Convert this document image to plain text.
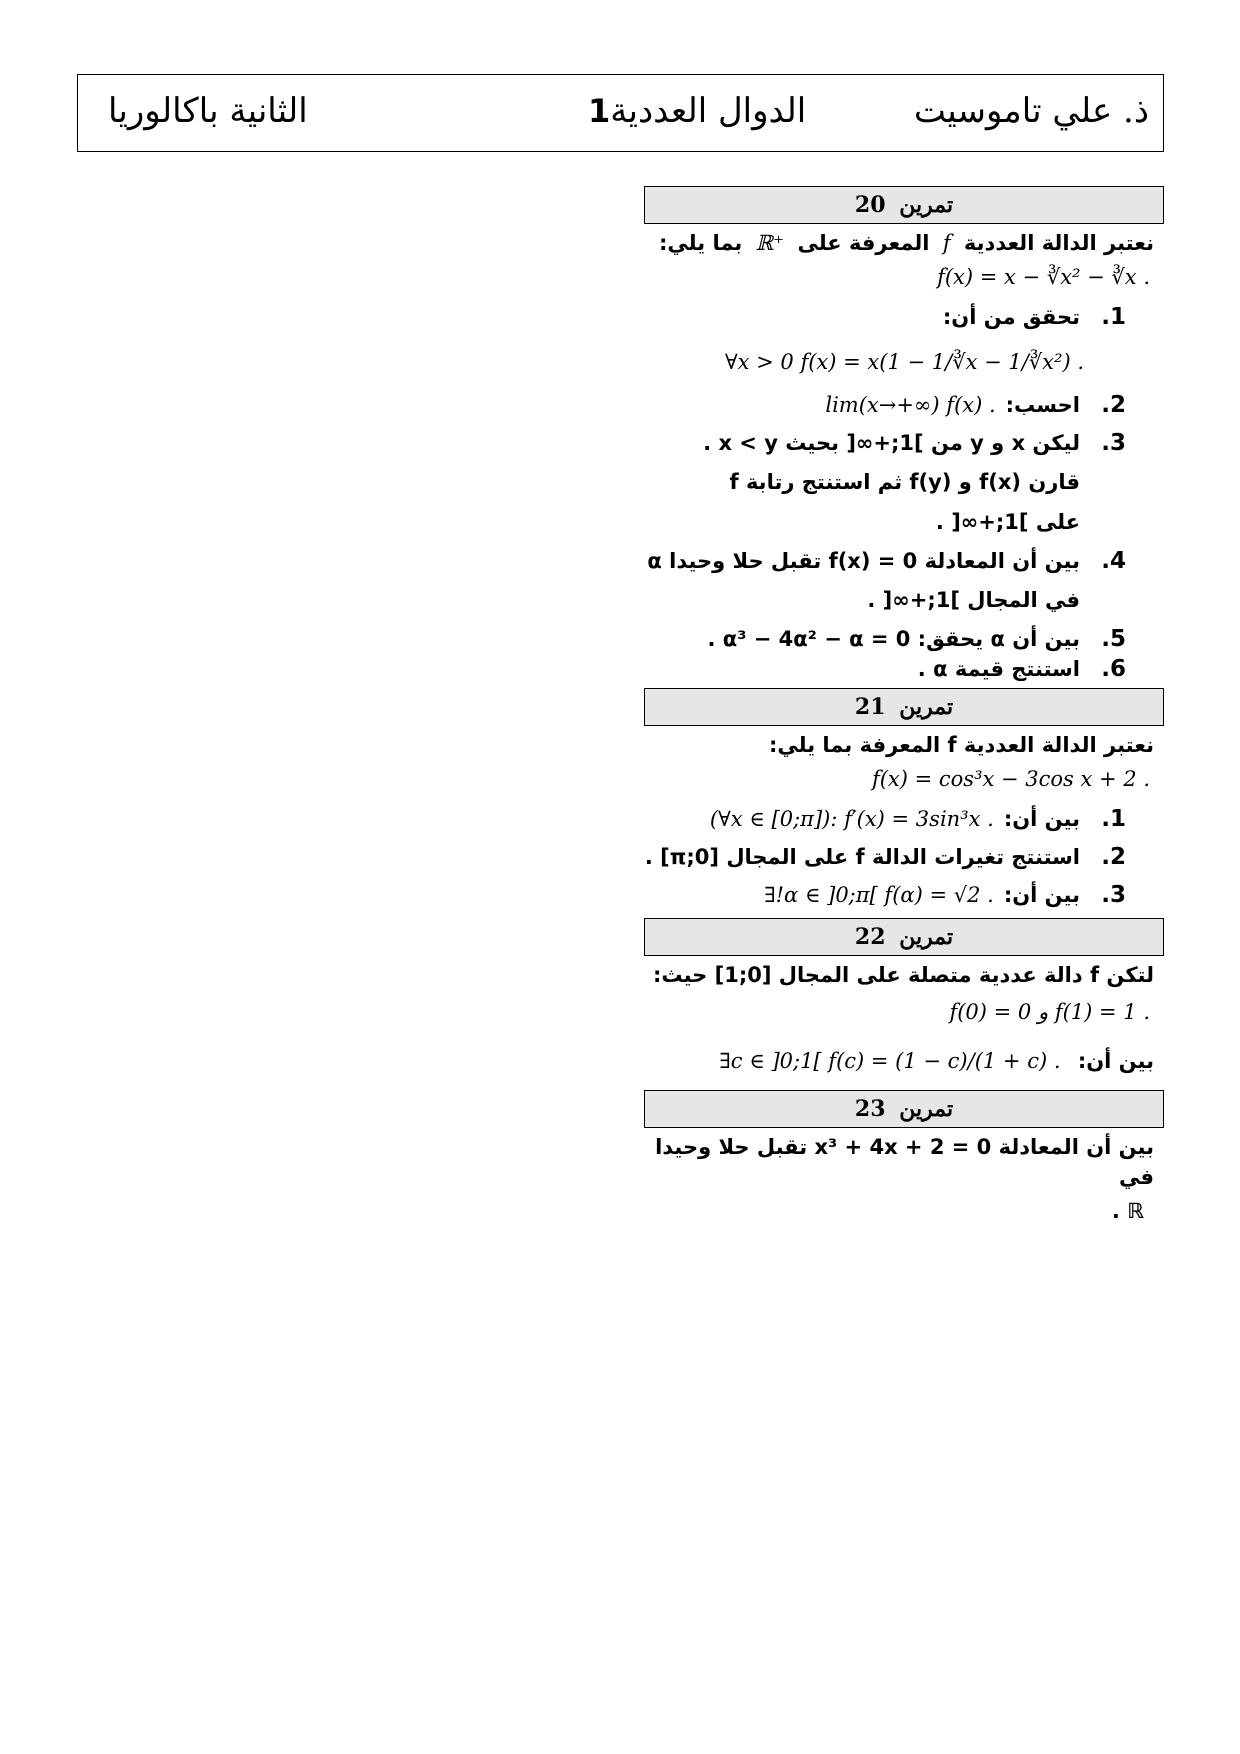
الثانية باكالوريا	الدوال العددية1	ذ. علي تاموسيت
تمرين 20
نعتبر الدالة العددية f المعرفة على ℝ⁺ بما يلي:
f(x) = x − ∛x² − ∛x .
1.
تحقق من أن:
∀x > 0 f(x) = x(1 − 1/∛x − 1/∛x²) .
2.
احسب:
lim(x→+∞) f(x) .
3.
ليكن x و y من ]1;+∞[ بحيث x < y .
قارن f(x) و f(y) ثم استنتج رتابة f
على ]1;+∞[ .
4.
بين أن المعادلة f(x) = 0 تقبل حلا وحيدا α
في المجال ]1;+∞[ .
5.
بين أن α يحقق: α³ − 4α² − α = 0 .
6.
استنتج قيمة α .
تمرين 21
نعتبر الدالة العددية f المعرفة بما يلي:
f(x) = cos³x − 3cos x + 2 .
1.
بين أن:
(∀x ∈ [0;π]): f′(x) = 3sin³x .
2.
استنتج تغيرات الدالة f على المجال [0;π] .
3.
بين أن:
∃!α ∈ ]0;π[ f(α) = √2 .
تمرين 22
لتكن f دالة عددية متصلة على المجال [0;1] حيث:
f(0) = 0 و f(1) = 1 .
بين أن: ∃c ∈ ]0;1[ f(c) = (1 − c)/(1 + c) .
تمرين 23
بين أن المعادلة x³ + 4x + 2 = 0 تقبل حلا وحيدا في
ℝ .
